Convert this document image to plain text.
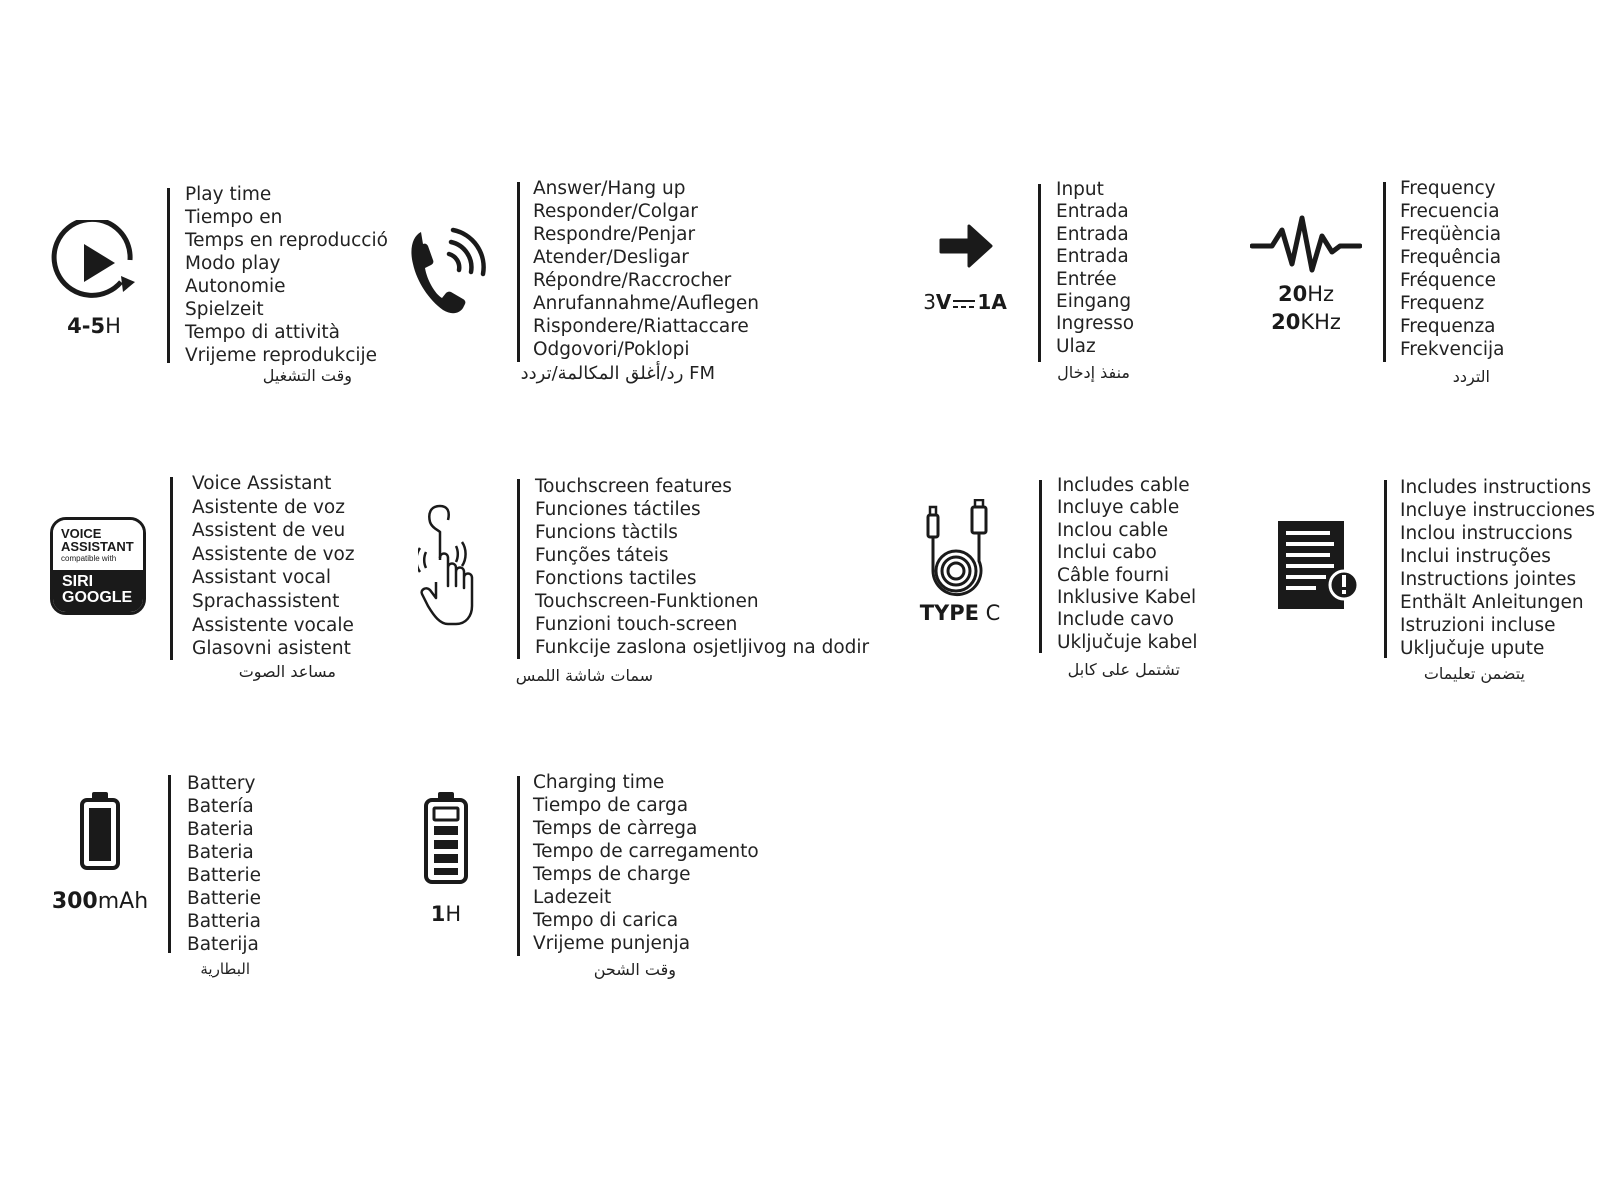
4-5H
Play time
Tiempo en
Temps en reproducció
Modo play
Autonomie
Spielzeit
Tempo di attività
Vrijeme reprodukcije
وقت التشغيل
Answer/Hang up
Responder/Colgar
Respondre/Penjar
Atender/Desligar
Répondre/Raccrocher
Anrufannahme/Auflegen
Rispondere/Riattaccare
Odgovori/Poklopi
FM رد/أغلق المكالمة/تردد
3V 1A
Input
Entrada
Entrada
Entrada
Entrée
Eingang
Ingresso
Ulaz
منفذ إدخال
20Hz
20KHz
Frequency
Frecuencia
Freqüència
Frequência
Fréquence
Frequenz
Frequenza
Frekvencija
التردد
VOICE
ASSISTANT
compatible with
SIRI
GOOGLE
Voice Assistant
Asistente de voz
Assistent de veu
Assistente de voz
Assistant vocal
Sprachassistent
Assistente vocale
Glasovni asistent
مساعد الصوت
Touchscreen features
Funciones táctiles
Funcions tàctils
Funções táteis
Fonctions tactiles
Touchscreen-Funktionen
Funzioni touch-screen
Funkcije zaslona osjetljivog na dodir
سمات شاشة اللمس
TYPE C
Includes cable
Incluye cable
Inclou cable
Inclui cabo
Câble fourni
Inklusive Kabel
Include cavo
Uključuje kabel
تشتمل على كابل
Includes instructions
Incluye instrucciones
Inclou instruccions
Inclui instruções
Instructions jointes
Enthält Anleitungen
Istruzioni incluse
Uključuje upute
يتضمن تعليمات
300mAh
Battery
Batería
Bateria
Bateria
Batterie
Batterie
Batteria
Baterija
البطارية
1H
Charging time
Tiempo de carga
Temps de càrrega
Tempo de carregamento
Temps de charge
Ladezeit
Tempo di carica
Vrijeme punjenja
وقت الشحن
